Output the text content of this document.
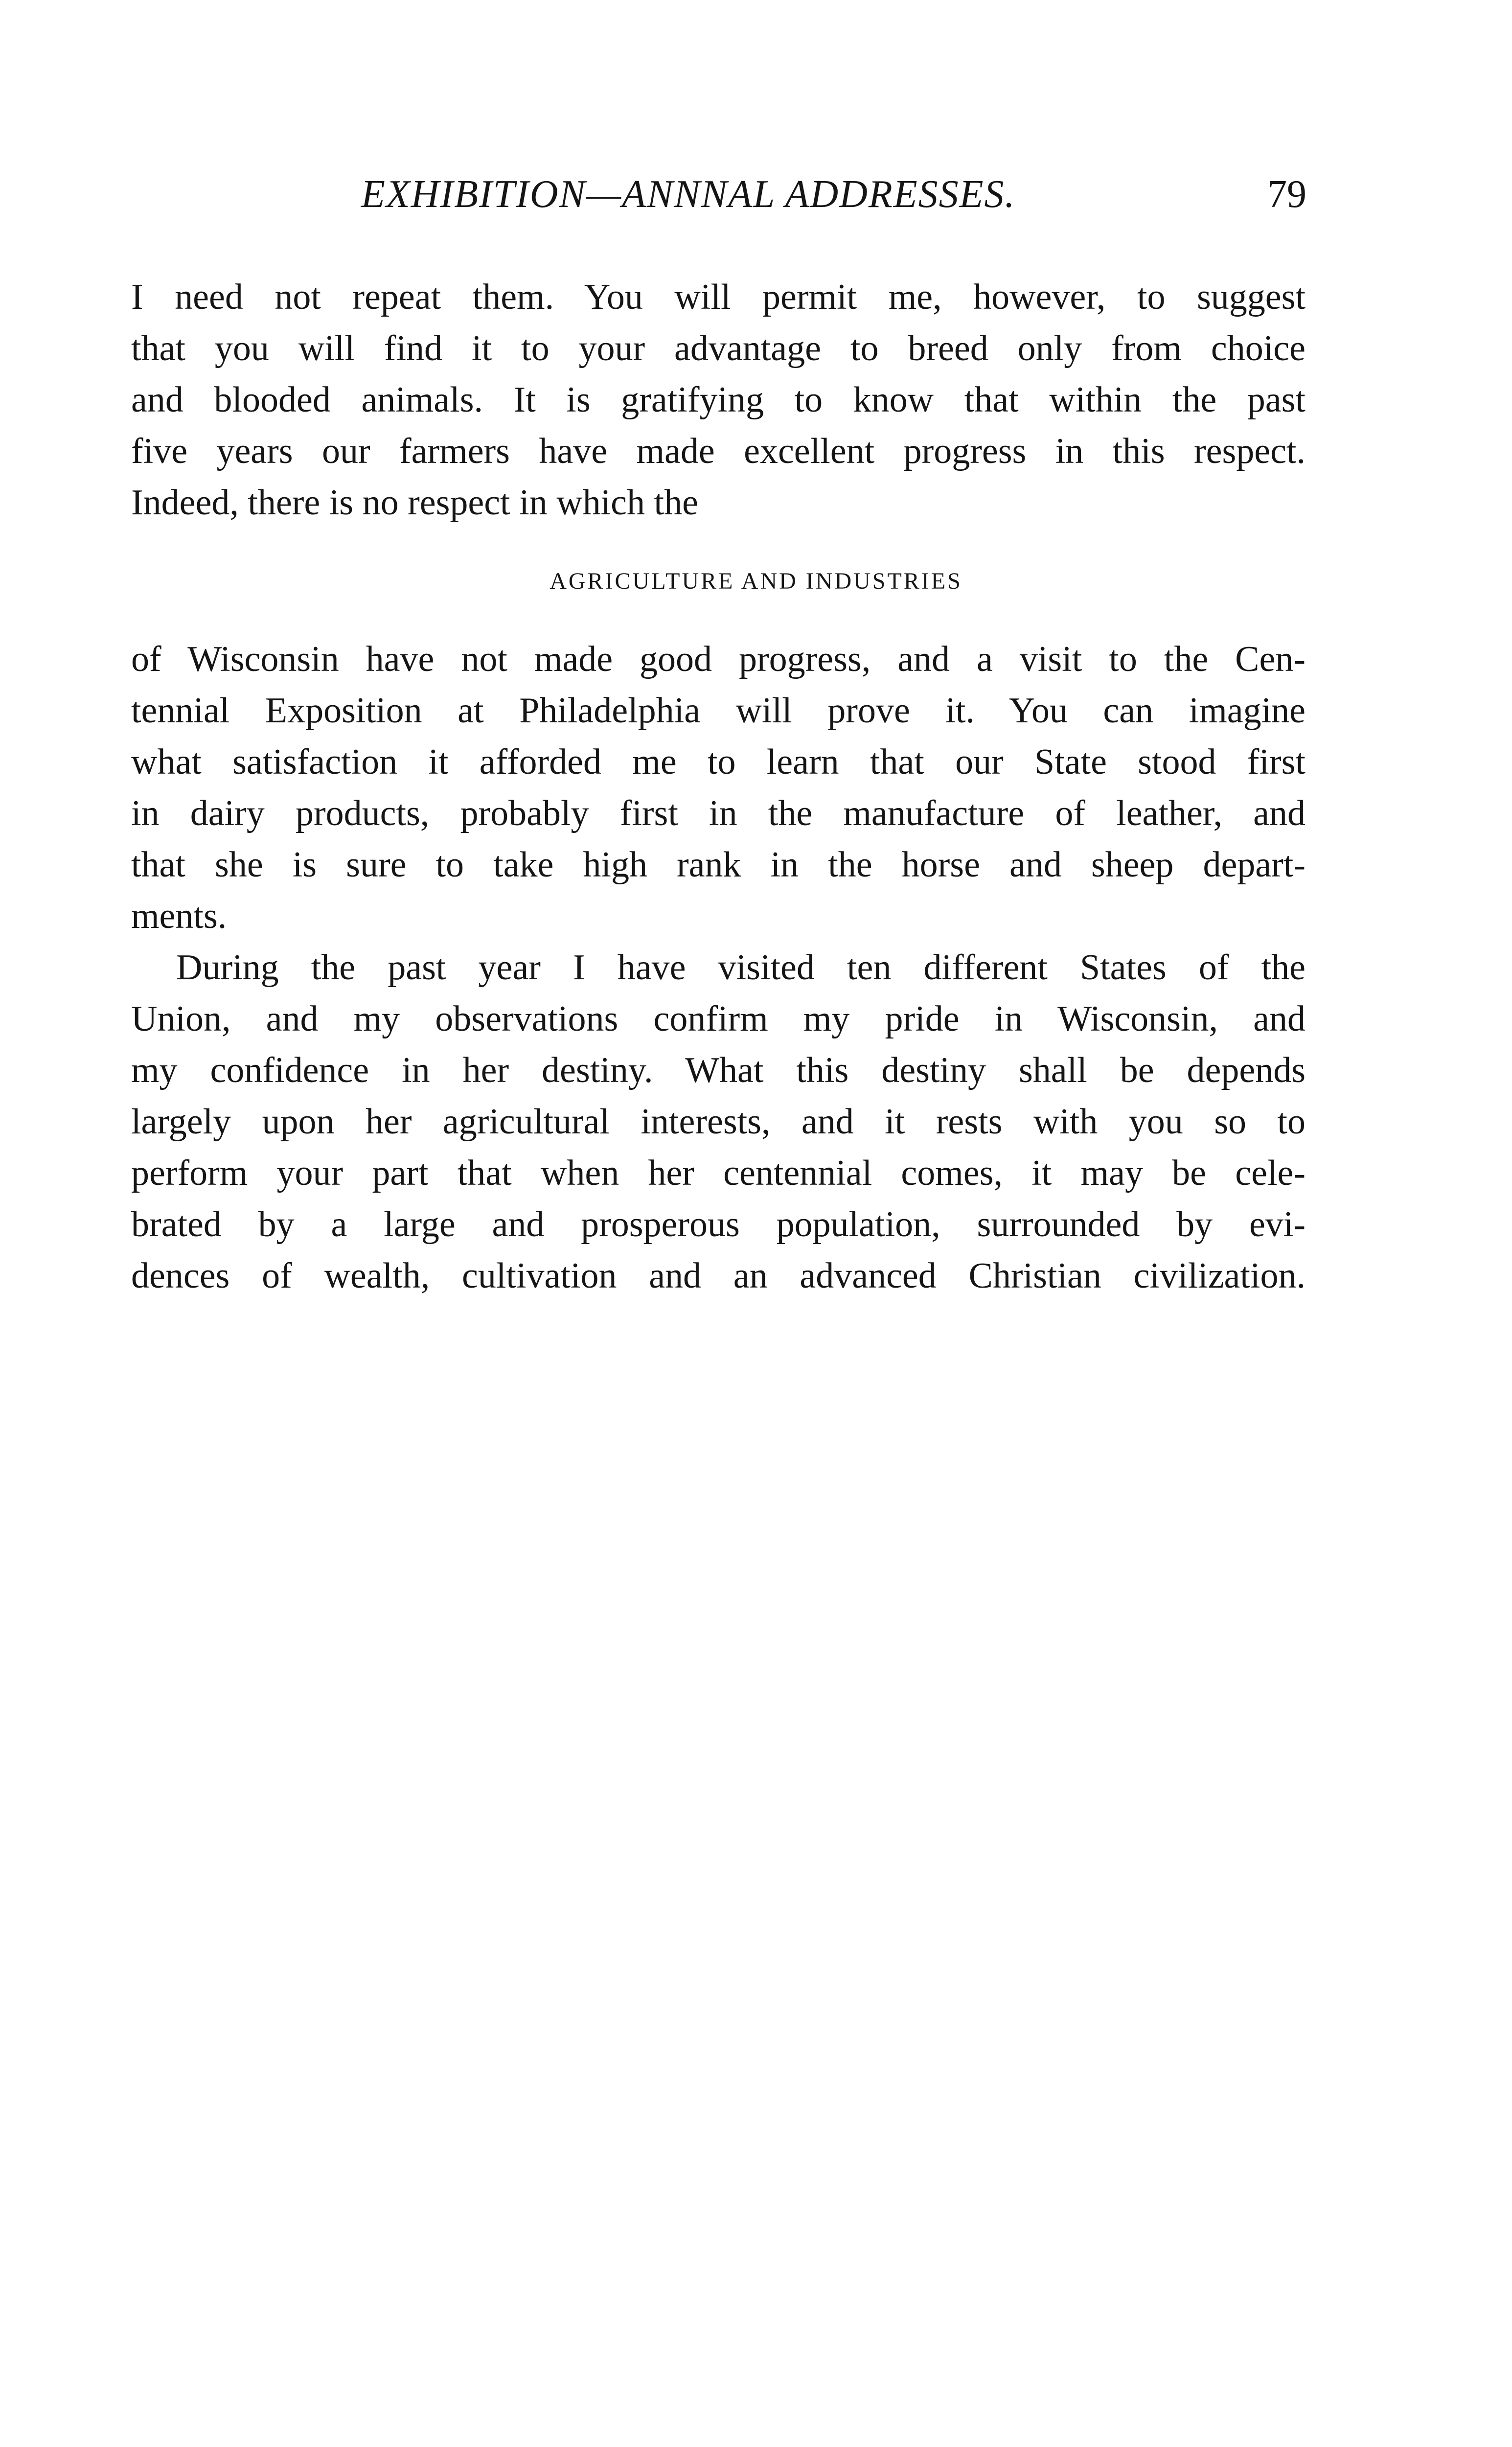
EXHIBITION—ANNNAL ADDRESSES.	79
I need not repeat them. You will permit me, however, to suggest
that you will find it to your advantage to breed only from choice
and blooded animals. It is gratifying to know that within the past
five years our farmers have made excellent progress in this respect.
Indeed, there is no respect in which the
AGRICULTURE AND INDUSTRIES
of Wisconsin have not made good progress, and a visit to the Cen-
tennial Exposition at Philadelphia will prove it. You can imagine
what satisfaction it afforded me to learn that our State stood first
in dairy products, probably first in the manufacture of leather, and
that she is sure to take high rank in the horse and sheep depart-
ments.
During the past year I have visited ten different States of the
Union, and my observations confirm my pride in Wisconsin, and
my confidence in her destiny. What this destiny shall be depends
largely upon her agricultural interests, and it rests with you so to
perform your part that when her centennial comes, it may be cele-
brated by a large and prosperous population, surrounded by evi-
dences of wealth, cultivation and an advanced Christian civilization.
